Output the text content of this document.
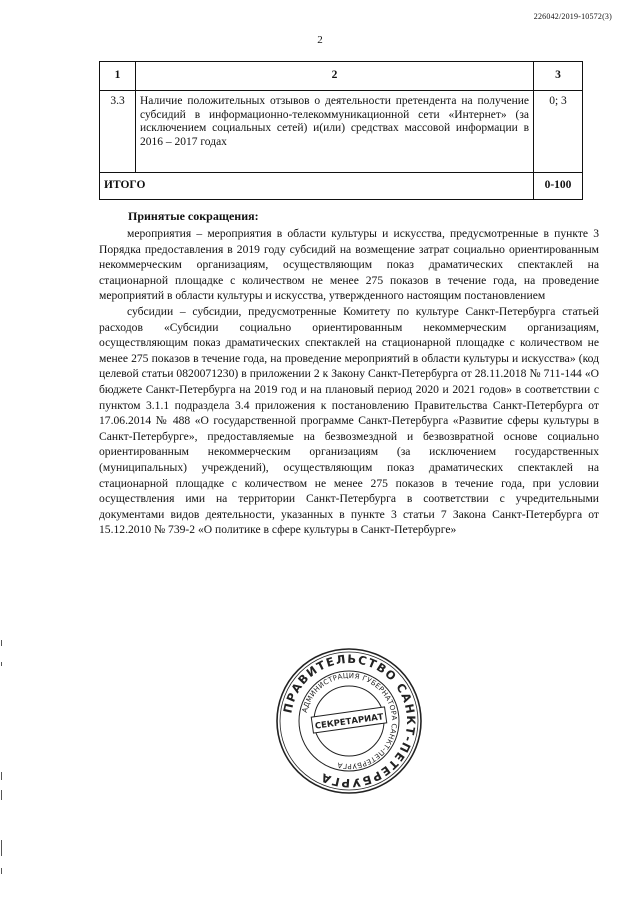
226042/2019-10572(3)
2
1	2	3
3.3	Наличие положительных отзывов о деятельности претендента на получение субсидий в информационно-телекоммуникационной сети «Интернет» (за исключением социальных сетей) и(или) средствах массовой информации в 2016 – 2017 годах	0; 3
ИТОГО		0-100
Принятые сокращения:

мероприятия – мероприятия в области культуры и искусства, предусмотренные в пункте 3 Порядка предоставления в 2019 году субсидий на возмещение затрат социально ориентированным некоммерческим организациям, осуществляющим показ драматических спектаклей на стационарной площадке с количеством не менее 275 показов в течение года, на проведение мероприятий в области культуры и искусства, утвержденного настоящим постановлением

субсидии – субсидии, предусмотренные Комитету по культуре Санкт-Петербурга статьей расходов «Субсидии социально ориентированным некоммерческим организациям, осуществляющим показ драматических спектаклей на стационарной площадке с количеством не менее 275 показов в течение года, на проведение мероприятий в области культуры и искусства» (код целевой статьи 0820071230) в приложении 2 к Закону Санкт-Петербурга от 28.11.2018 № 711-144 «О бюджете Санкт-Петербурга на 2019 год и на плановый период 2020 и 2021 годов» в соответствии с пунктом 3.1.1 подраздела 3.4 приложения к постановлению Правительства Санкт-Петербурга от 17.06.2014 № 488 «О государственной программе Санкт-Петербурга «Развитие сферы культуры в Санкт-Петербурге», предоставляемые на безвозмездной и безвозвратной основе социально ориентированным некоммерческим организациям (за исключением государственных (муниципальных) учреждений), осуществляющим показ драматических спектаклей на стационарной площадке с количеством не менее 275 показов в течение года, при условии осуществления ими на территории Санкт-Петербурга в соответствии с учредительными документами видов деятельности, указанных в пункте 3 статьи 7 Закона Санкт-Петербурга от 15.12.2010 № 739-2 «О политике в сфере культуры в Санкт-Петербурге»

ПРАВИТЕЛЬСТВО САНКТ-ПЕТЕРБУРГА
АДМИНИСТРАЦИЯ ГУБЕРНАТОРА САНКТ-ПЕТЕРБУРГА
СЕКРЕТАРИАТ
